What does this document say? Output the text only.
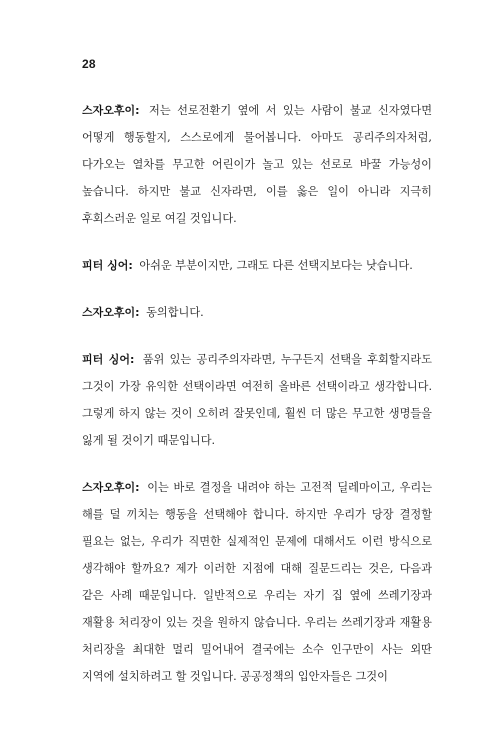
28

스자오후이: 저는 선로전환기 옆에 서 있는 사람이 불교 신자였다면 어떻게 행동할지, 스스로에게 물어봅니다. 아마도 공리주의자처럼, 다가오는 열차를 무고한 어린이가 놀고 있는 선로로 바꿀 가능성이 높습니다. 하지만 불교 신자라면, 이를 옳은 일이 아니라 지극히 후회스러운 일로 여길 것입니다.

피터 싱어: 아쉬운 부분이지만, 그래도 다른 선택지보다는 낫습니다.

스자오후이: 동의합니다.

피터 싱어: 품위 있는 공리주의자라면, 누구든지 선택을 후회할지라도 그것이 가장 유익한 선택이라면 여전히 올바른 선택이라고 생각합니다. 그렇게 하지 않는 것이 오히려 잘못인데, 훨씬 더 많은 무고한 생명들을 잃게 될 것이기 때문입니다.

스자오후이: 이는 바로 결정을 내려야 하는 고전적 딜레마이고, 우리는 해를 덜 끼치는 행동을 선택해야 합니다. 하지만 우리가 당장 결정할 필요는 없는, 우리가 직면한 실제적인 문제에 대해서도 이런 방식으로 생각해야 할까요? 제가 이러한 지점에 대해 질문드리는 것은, 다음과 같은 사례 때문입니다. 일반적으로 우리는 자기 집 옆에 쓰레기장과 재활용 처리장이 있는 것을 원하지 않습니다. 우리는 쓰레기장과 재활용 처리장을 최대한 멀리 밀어내어 결국에는 소수 인구만이 사는 외딴 지역에 설치하려고 할 것입니다. 공공정책의 입안자들은 그것이
